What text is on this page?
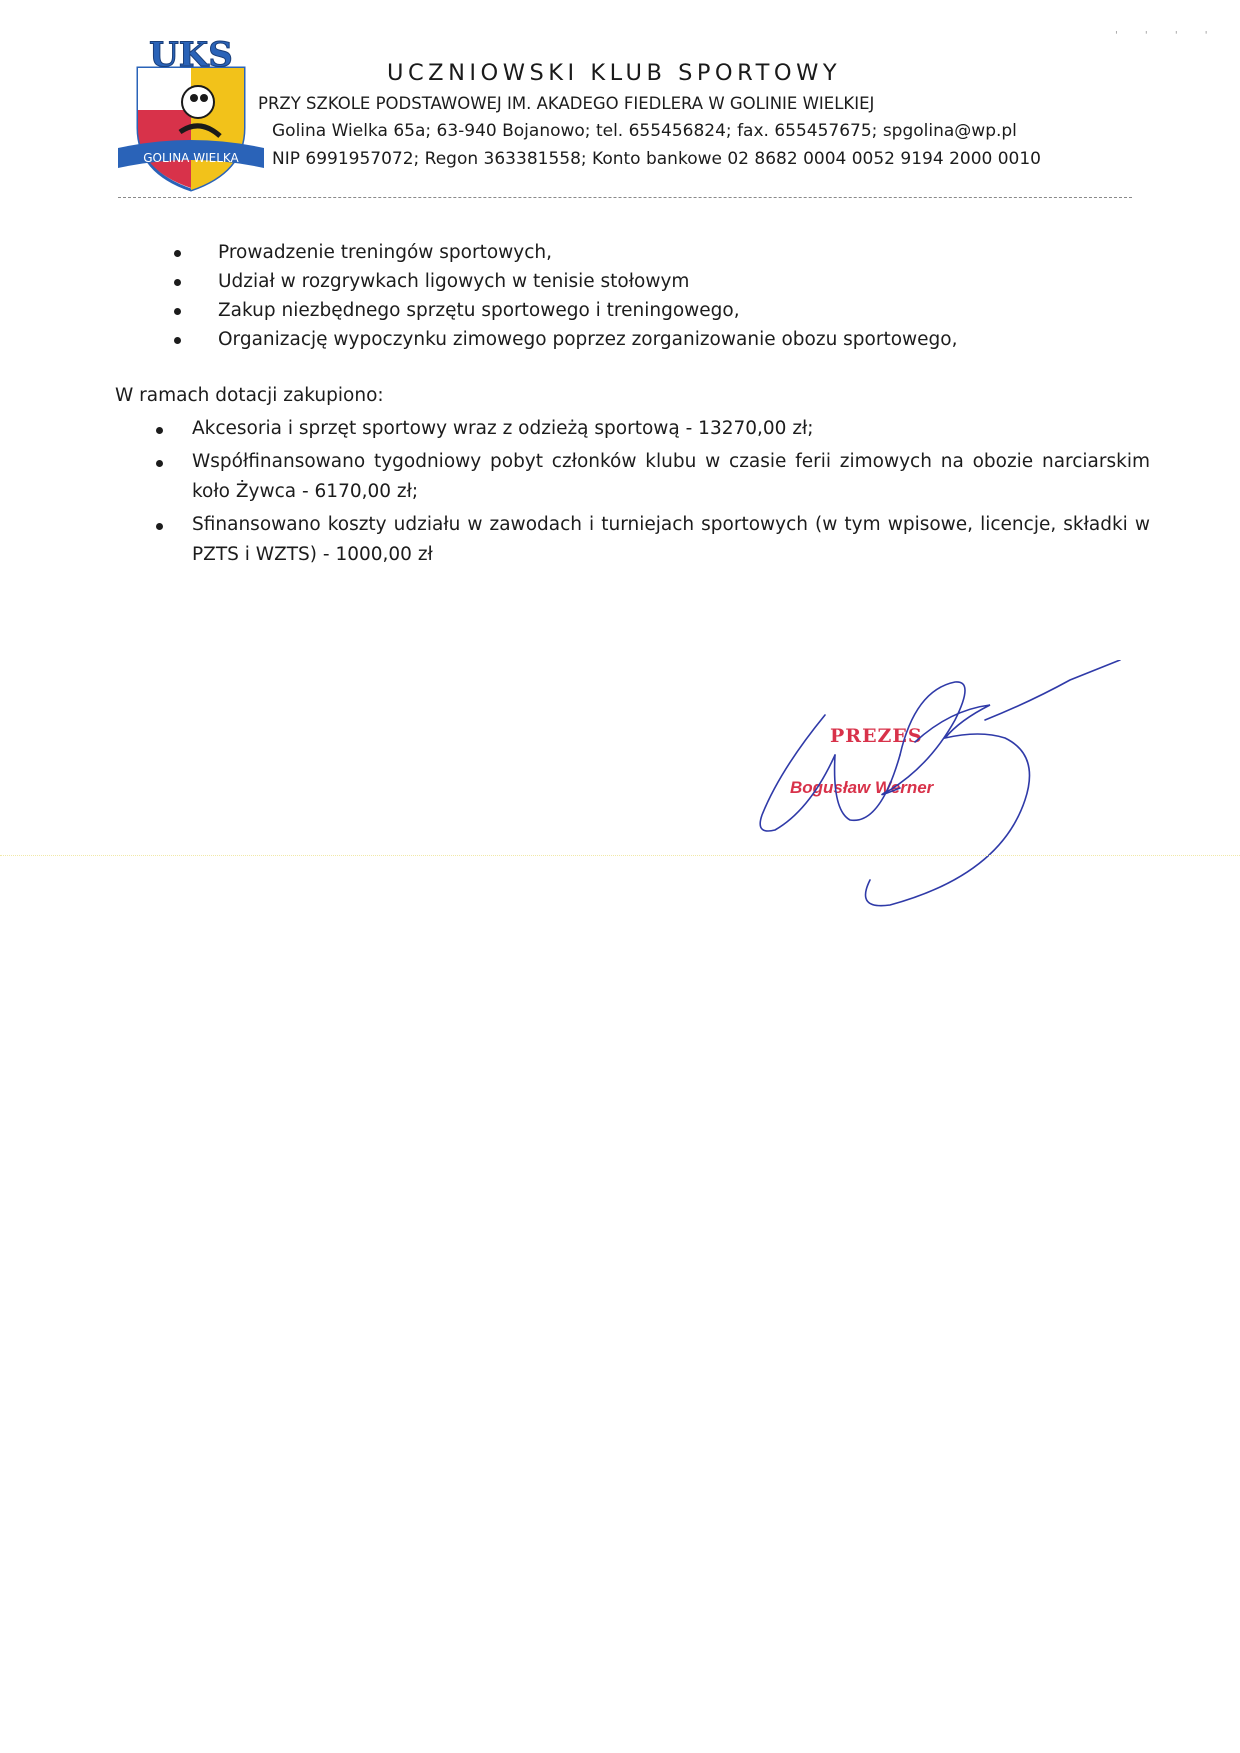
UKS
GOLINA WIELKA
UCZNIOWSKI KLUB SPORTOWY
PRZY SZKOLE PODSTAWOWEJ IM. AKADEGO FIEDLERA W GOLINIE WIELKIEJ
Golina Wielka 65a; 63-940 Bojanowo; tel. 655456824; fax. 655457675; spgolina@wp.pl
NIP 6991957072; Regon 363381558; Konto bankowe 02 8682 0004 0052 9194 2000 0010
' ' ' '
Prowadzenie treningów sportowych,
Udział w rozgrywkach ligowych w tenisie stołowym
Zakup niezbędnego sprzętu sportowego i treningowego,
Organizację wypoczynku zimowego poprzez zorganizowanie obozu sportowego,
W ramach dotacji zakupiono:
Akcesoria i sprzęt sportowy wraz z odzieżą sportową - 13270,00 zł;
Współfinansowano tygodniowy pobyt członków klubu w czasie ferii zimowych na obozie narciarskim koło Żywca - 6170,00 zł;
Sfinansowano koszty udziału w zawodach i turniejach sportowych (w tym wpisowe, licencje, składki w PZTS i WZTS) - 1000,00 zł
PREZES
Bogusław Werner
